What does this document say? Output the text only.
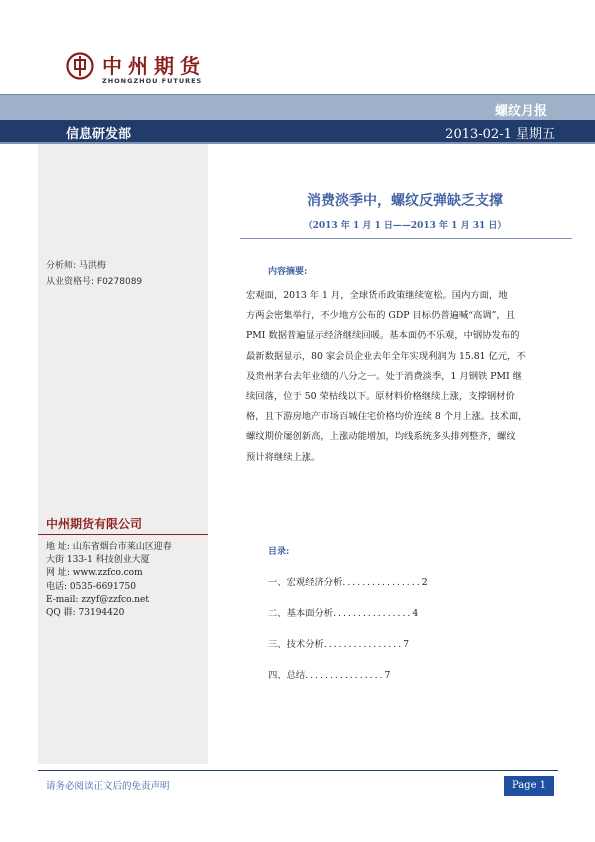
中州期货
ZHONGZHOU FUTURES
螺纹月报
信息研发部	2013-02-1 星期五
分析师: 马洪梅
从业资格号: F0278089
中州期货有限公司
地 址: 山东省烟台市莱山区迎春
大街 133-1 科技创业大厦
网 址: www.zzfco.com
电话: 0535-6691750
E-mail: zzyf@zzfco.net
QQ 群: 73194420
消费淡季中，螺纹反弹缺乏支撑
（2013 年 1 月 1 日——2013 年 1 月 31 日）
内容摘要:
宏观面，2013 年 1 月，全球货币政策继续宽松。国内方面，地
方两会密集举行，不少地方公布的 GDP 目标仍普遍喊“高调”，且
PMI 数据普遍显示经济继续回暖。基本面仍不乐观，中钢协发布的
最新数据显示，80 家会员企业去年全年实现利润为 15.81 亿元，不
及贵州茅台去年业绩的八分之一。处于消费淡季，1 月钢铁 PMI 继
续回落，位于 50 荣枯线以下。原材料价格继续上涨，支撑钢材价
格，且下游房地产市场百城住宅价格均价连续 8 个月上涨。技术面，
螺纹期价屡创新高，上涨动能增加，均线系统多头排列整齐，螺纹
预计将继续上涨。
目录:
一、宏观经济分析................2
二、基本面分析................4
三、技术分析................7
四、总结................7
请务必阅读正文后的免责声明	Page 1
